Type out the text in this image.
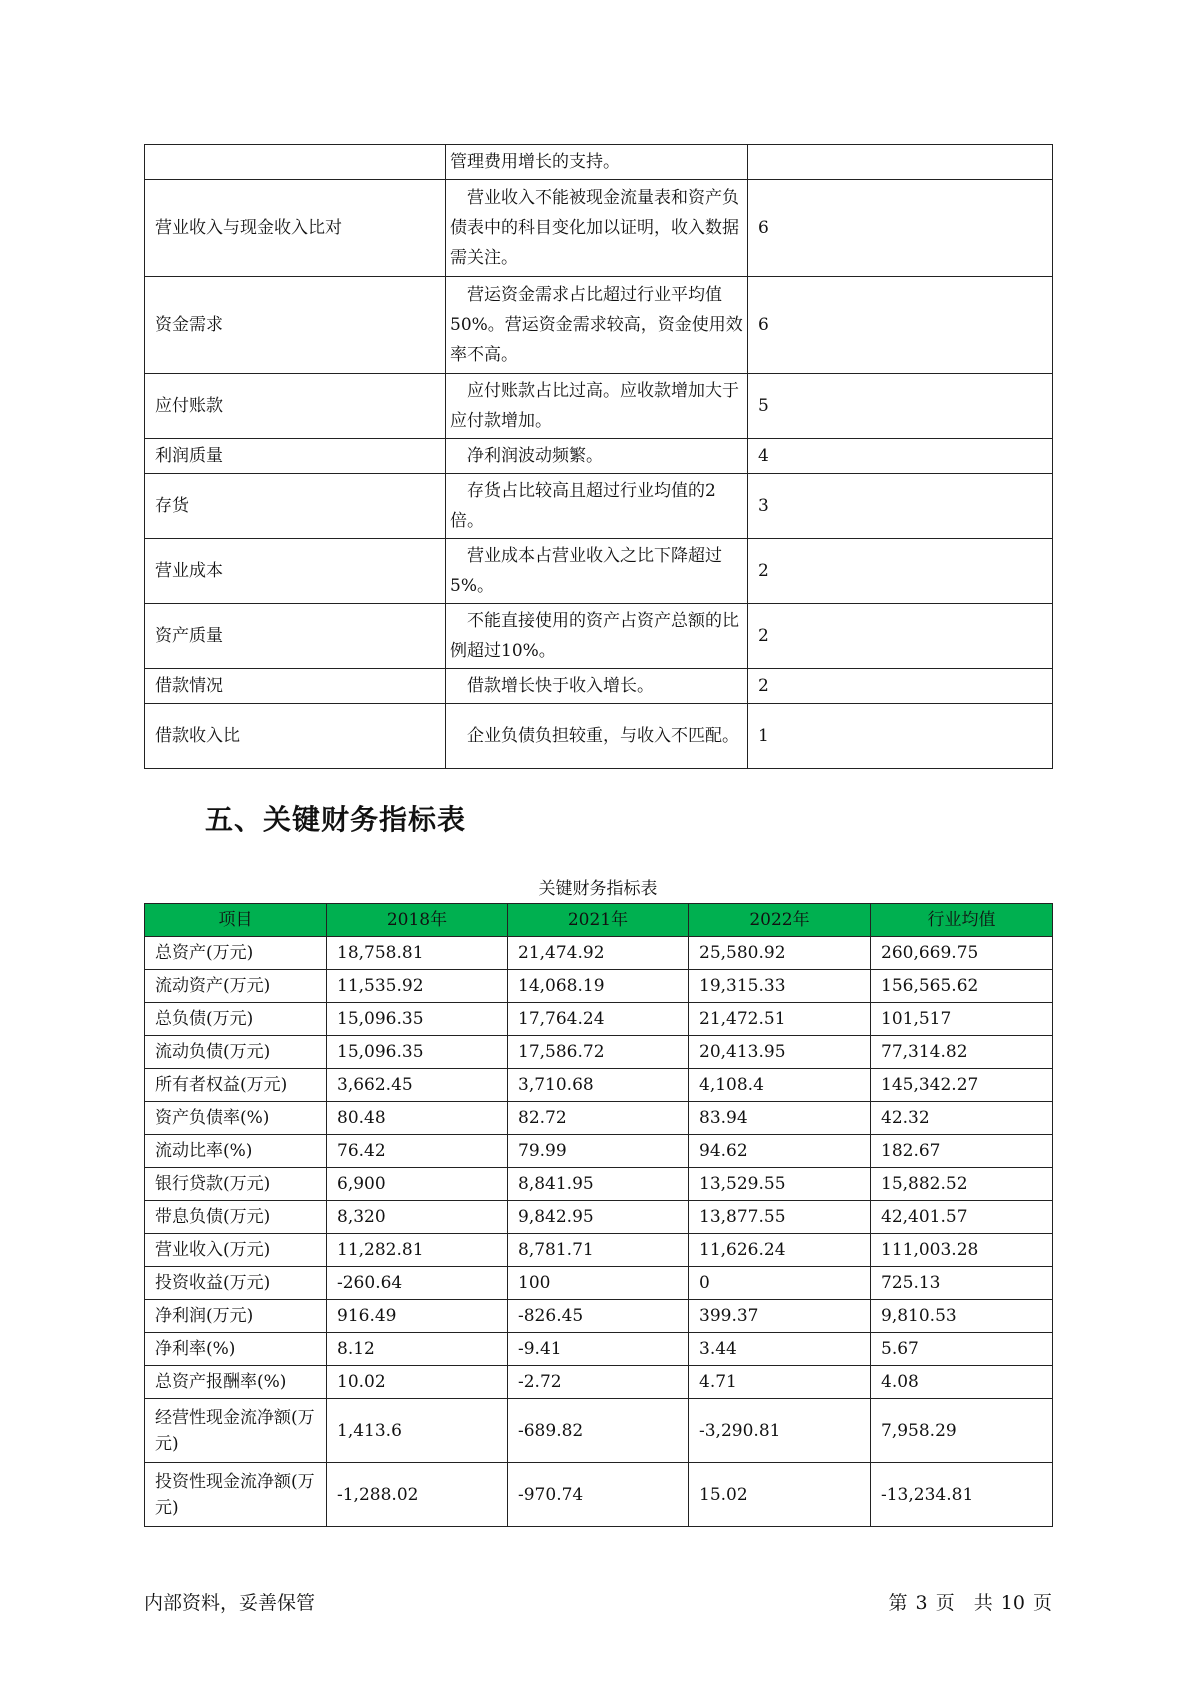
	管理费用增长的支持。	

营业收入与现金收入比对	营业收入不能被现金流量表和资产负债表中的科目变化加以证明，收入数据需关注。	6
资金需求	营运资金需求占比超过行业平均值50%。营运资金需求较高，资金使用效率不高。	6
应付账款	应付账款占比过高。应收款增加大于应付款增加。	5
利润质量	净利润波动频繁。	4
存货	存货占比较高且超过行业均值的2倍。	3
营业成本	营业成本占营业收入之比下降超过5%。	2
资产质量	不能直接使用的资产占资产总额的比例超过10%。	2
借款情况	借款增长快于收入增长。	2
借款收入比	企业负债负担较重，与收入不匹配。	1
五、关键财务指标表
关键财务指标表
项目	2018年	2021年	2022年	行业均值
总资产(万元)	18,758.81	21,474.92	25,580.92	260,669.75
流动资产(万元)	11,535.92	14,068.19	19,315.33	156,565.62
总负债(万元)	15,096.35	17,764.24	21,472.51	101,517
流动负债(万元)	15,096.35	17,586.72	20,413.95	77,314.82
所有者权益(万元)	3,662.45	3,710.68	4,108.4	145,342.27
资产负债率(%)	80.48	82.72	83.94	42.32
流动比率(%)	76.42	79.99	94.62	182.67
银行贷款(万元)	6,900	8,841.95	13,529.55	15,882.52
带息负债(万元)	8,320	9,842.95	13,877.55	42,401.57
营业收入(万元)	11,282.81	8,781.71	11,626.24	111,003.28
投资收益(万元)	-260.64	100	0	725.13
净利润(万元)	916.49	-826.45	399.37	9,810.53
净利率(%)	8.12	-9.41	3.44	5.67
总资产报酬率(%)	10.02	-2.72	4.71	4.08
经营性现金流净额(万元)	1,413.6	-689.82	-3,290.81	7,958.29
投资性现金流净额(万元)	-1,288.02	-970.74	15.02	-13,234.81
内部资料，妥善保管	第 3 页　共 10 页
